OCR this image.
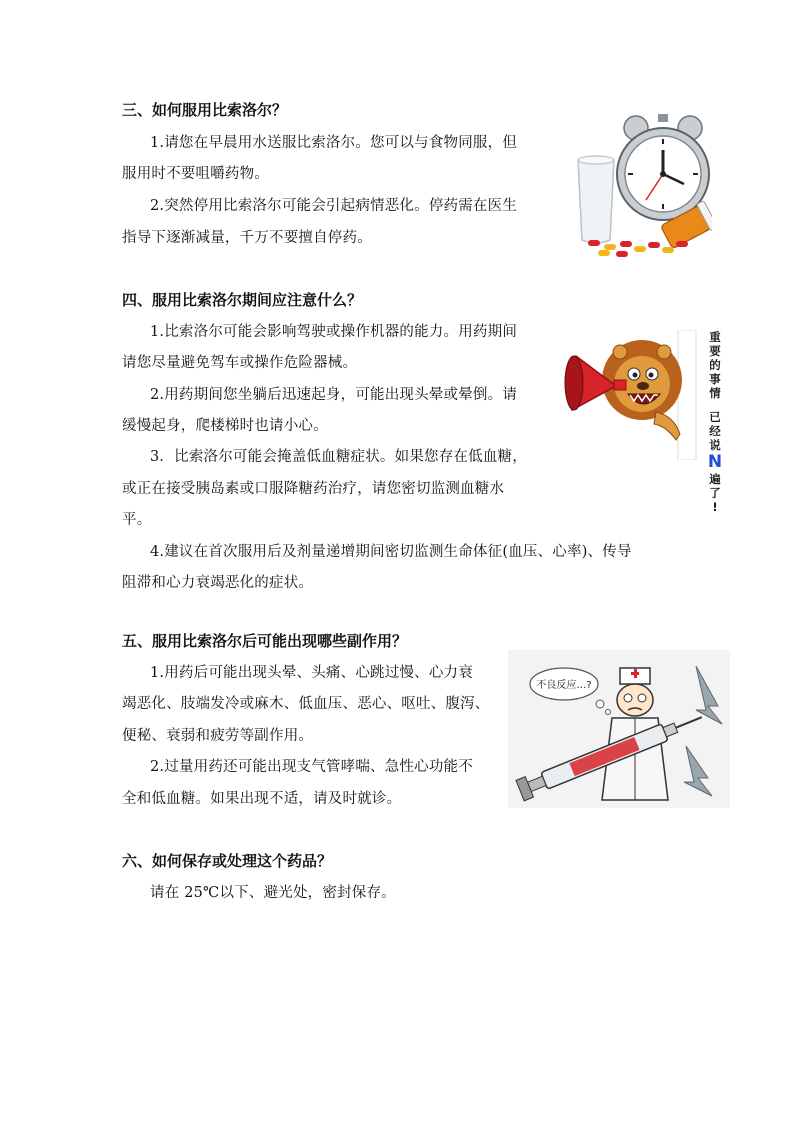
三、如何服用比索洛尔？
1.请您在早晨用水送服比索洛尔。您可以与食物同服，但
服用时不要咀嚼药物。
2.突然停用比索洛尔可能会引起病情恶化。停药需在医生
指导下逐渐减量，千万不要擅自停药。
四、服用比索洛尔期间应注意什么？
1.比索洛尔可能会影响驾驶或操作机器的能力。用药期间
请您尽量避免驾车或操作危险器械。
2.用药期间您坐躺后迅速起身，可能出现头晕或晕倒。请
缓慢起身，爬楼梯时也请小心。
3．比索洛尔可能会掩盖低血糖症状。如果您存在低血糖，
或正在接受胰岛素或口服降糖药治疗，请您密切监测血糖水
平。
4.建议在首次服用后及剂量递增期间密切监测生命体征(血压、心率)、传导
阻滞和心力衰竭恶化的症状。
重
要
的
事
情
已
经
说
N
遍
了
!
五、服用比索洛尔后可能出现哪些副作用？
1.用药后可能出现头晕、头痛、心跳过慢、心力衰
竭恶化、肢端发冷或麻木、低血压、恶心、呕吐、腹泻、
便秘、衰弱和疲劳等副作用。
2.过量用药还可能出现支气管哮喘、急性心功能不
全和低血糖。如果出现不适，请及时就诊。
不良反应…?
六、如何保存或处理这个药品？
请在 25℃以下、避光处，密封保存。
